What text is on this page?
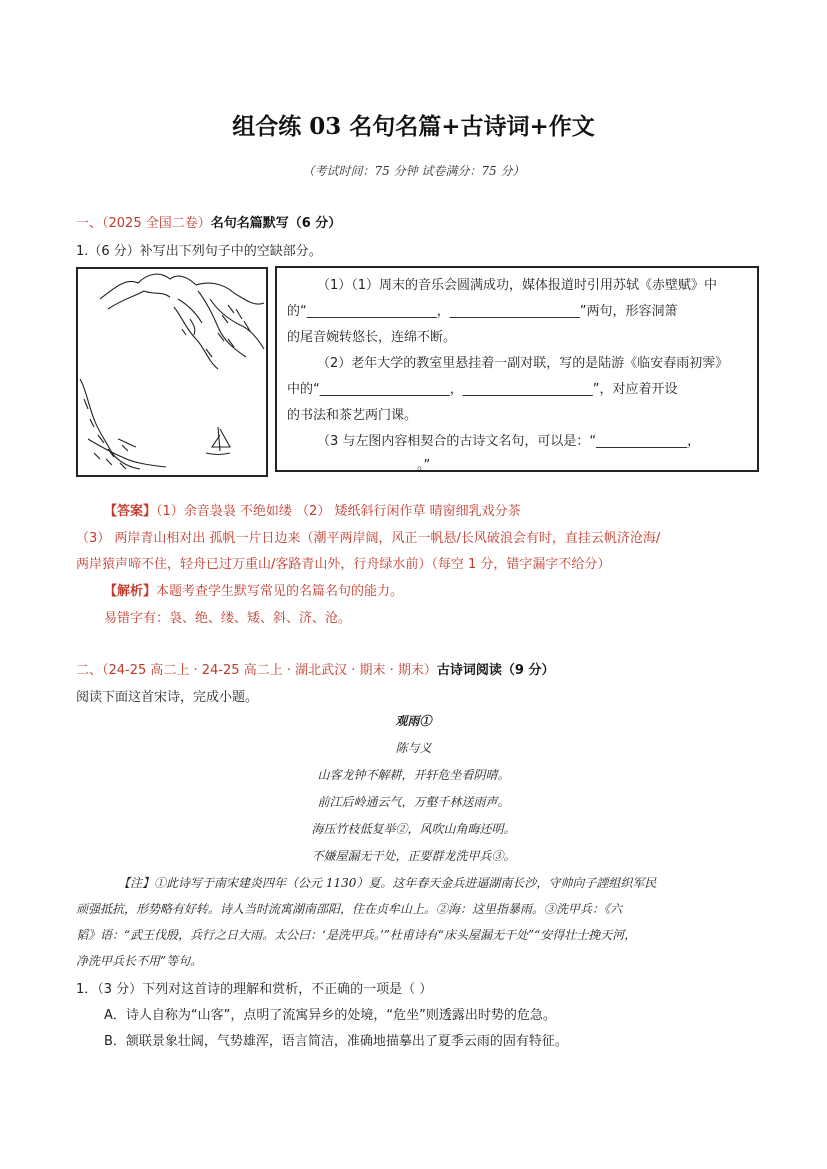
组合练 03 名句名篇+古诗词+作文
（考试时间：75 分钟 试卷满分：75 分）
一、（2025 全国二卷）名句名篇默写（6 分）
1.（6 分）补写出下列句子中的空缺部分。
（1）（1）周末的音乐会圆满成功，媒体报道时引用苏轼《赤壁赋》中
的“____________________，____________________”两句，形容洞箫
的尾音婉转悠长，连绵不断。
（2）老年大学的教室里悬挂着一副对联，写的是陆游《临安春雨初霁》
中的“____________________，____________________”，对应着开设
的书法和茶艺两门课。
（3 与左图内容相契合的古诗文名句，可以是：“______________，
____________________。”
【答案】（1）余音袅袅 不绝如缕 （2） 矮纸斜行闲作草 晴窗细乳戏分茶
（3） 两岸青山相对出 孤帆一片日边来（潮平两岸阔，风正一帆悬/长风破浪会有时，直挂云帆济沧海/
两岸猿声啼不住，轻舟已过万重山/客路青山外，行舟绿水前）（每空 1 分，错字漏字不给分）
【解析】本题考查学生默写常见的名篇名句的能力。
易错字有：袅、绝、缕、矮、斜、济、沧。
二、（24-25 高二上 · 24-25 高二上 · 湖北武汉 · 期末 · 期末）古诗词阅读（9 分）
阅读下面这首宋诗，完成小题。
观雨①
陈与义
山客龙钟不解耕，开轩危坐看阴晴。
前江后岭通云气，万壑千林送雨声。
海压竹枝低复举②，风吹山角晦还明。
不嫌屋漏无干处，正要群龙洗甲兵③。
【注】①此诗写于南宋建炎四年（公元 1130）夏。这年春天金兵进逼湖南长沙，守帅向子諲组织军民
顽强抵抗，形势略有好转。诗人当时流寓湖南邵阳，住在贞牟山上。②海：这里指暴雨。③洗甲兵：《六
韬》语：“武王伐殷，兵行之日大雨。太公曰：‘是洗甲兵。’”杜甫诗有“床头屋漏无干处”“安得壮士挽天河，
净洗甲兵长不用”等句。
1．（3 分）下列对这首诗的理解和赏析，不正确的一项是（ ）
A．诗人自称为“山客”，点明了流寓异乡的处境，“危坐”则透露出时势的危急。
B．颔联景象壮阔，气势雄浑，语言简洁，准确地描摹出了夏季云雨的固有特征。
